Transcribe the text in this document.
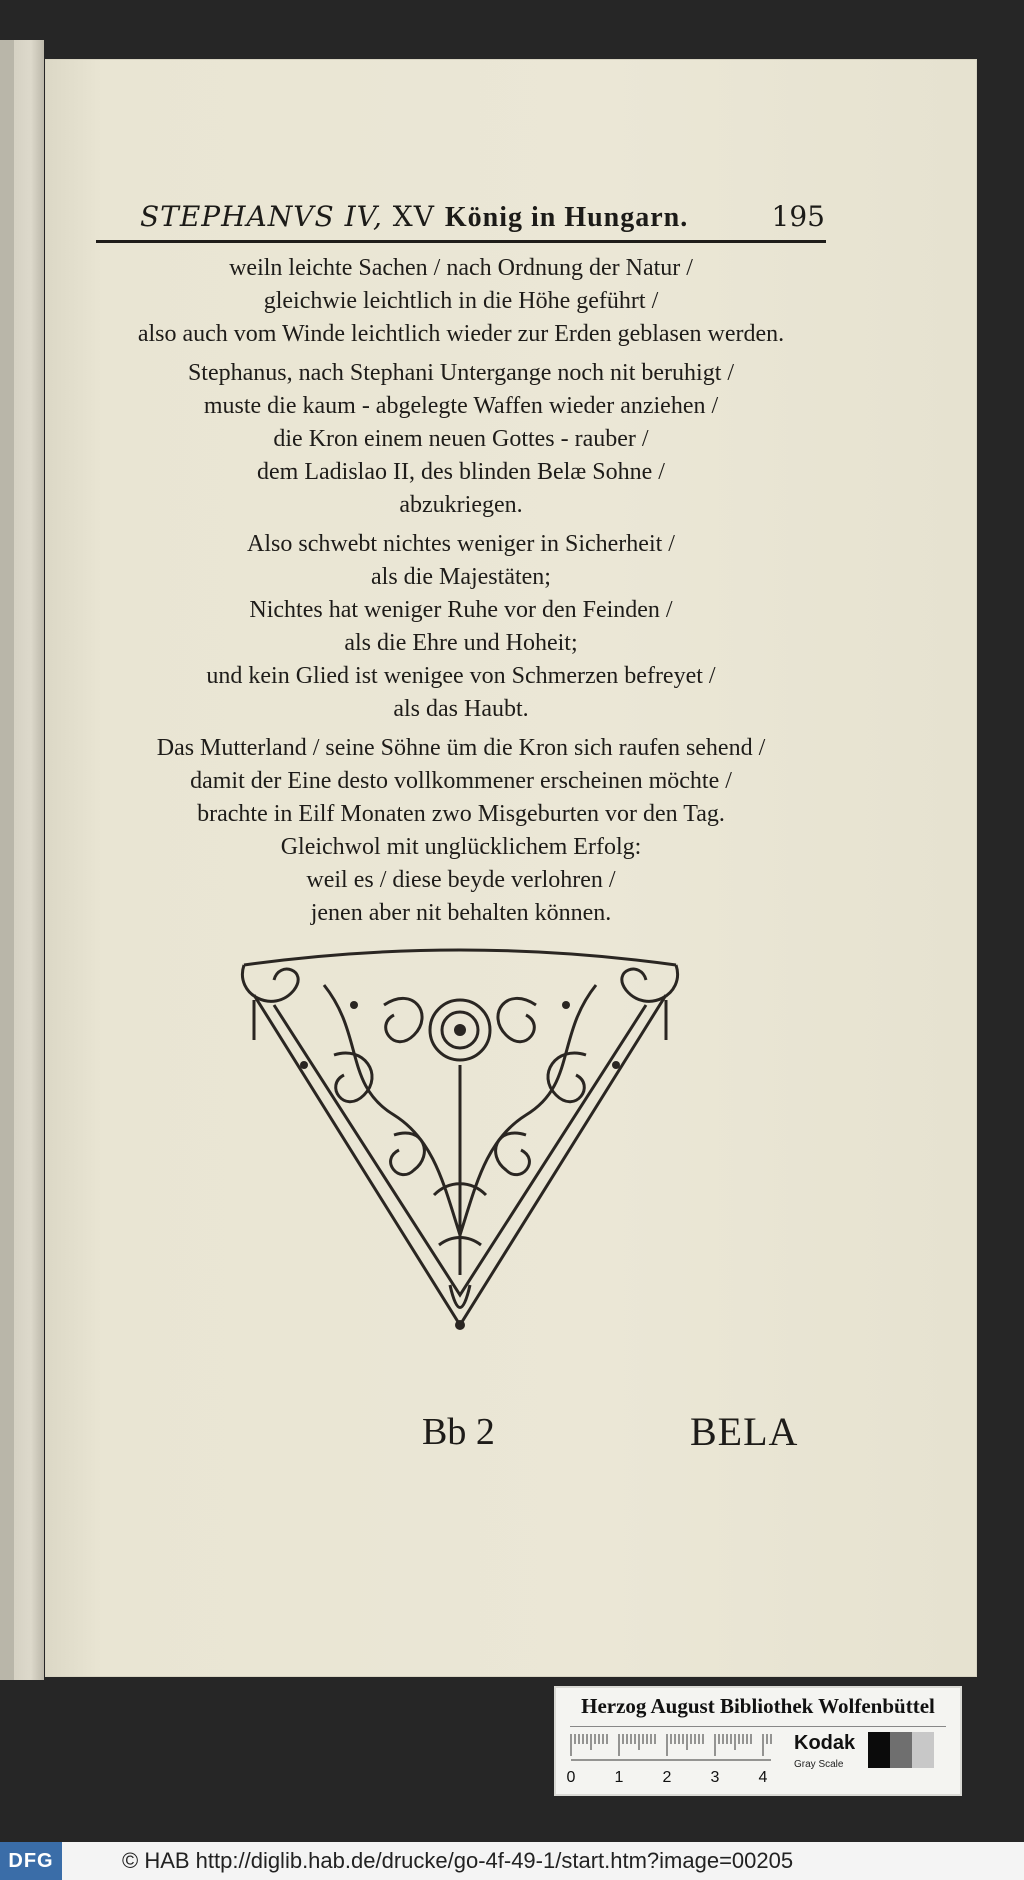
STEPHANVS IV, XV König in Hungarn.	195
weiln leichte Sachen / nach Ordnung der Natur /
gleichwie leichtlich in die Höhe geführt /
also auch vom Winde leichtlich wieder zur Erden geblasen werden.
Stephanus, nach Stephani Untergange noch nit beruhigt /
muste die kaum - abgelegte Waffen wieder anziehen /
die Kron einem neuen Gottes - rauber /
dem Ladislao II, des blinden Belæ Sohne /
abzukriegen.
Also schwebt nichtes weniger in Sicherheit /
als die Majestäten;
Nichtes hat weniger Ruhe vor den Feinden /
als die Ehre und Hoheit;
und kein Glied ist wenigee von Schmerzen befreyet /
als das Haubt.
Das Mutterland / seine Söhne üm die Kron sich raufen sehend /
damit der Eine desto vollkommener erscheinen möchte /
brachte in Eilf Monaten zwo Misgeburten vor den Tag.
Gleichwol mit unglücklichem Erfolg:
weil es / diese beyde verlohren /
jenen aber nit behalten können.
Bb 2	BELA
Herzog August Bibliothek Wolfenbüttel
0 1 2 3 4
Kodak
Gray Scale
DFG	© HAB http://diglib.hab.de/drucke/go-4f-49-1/start.htm?image=00205
